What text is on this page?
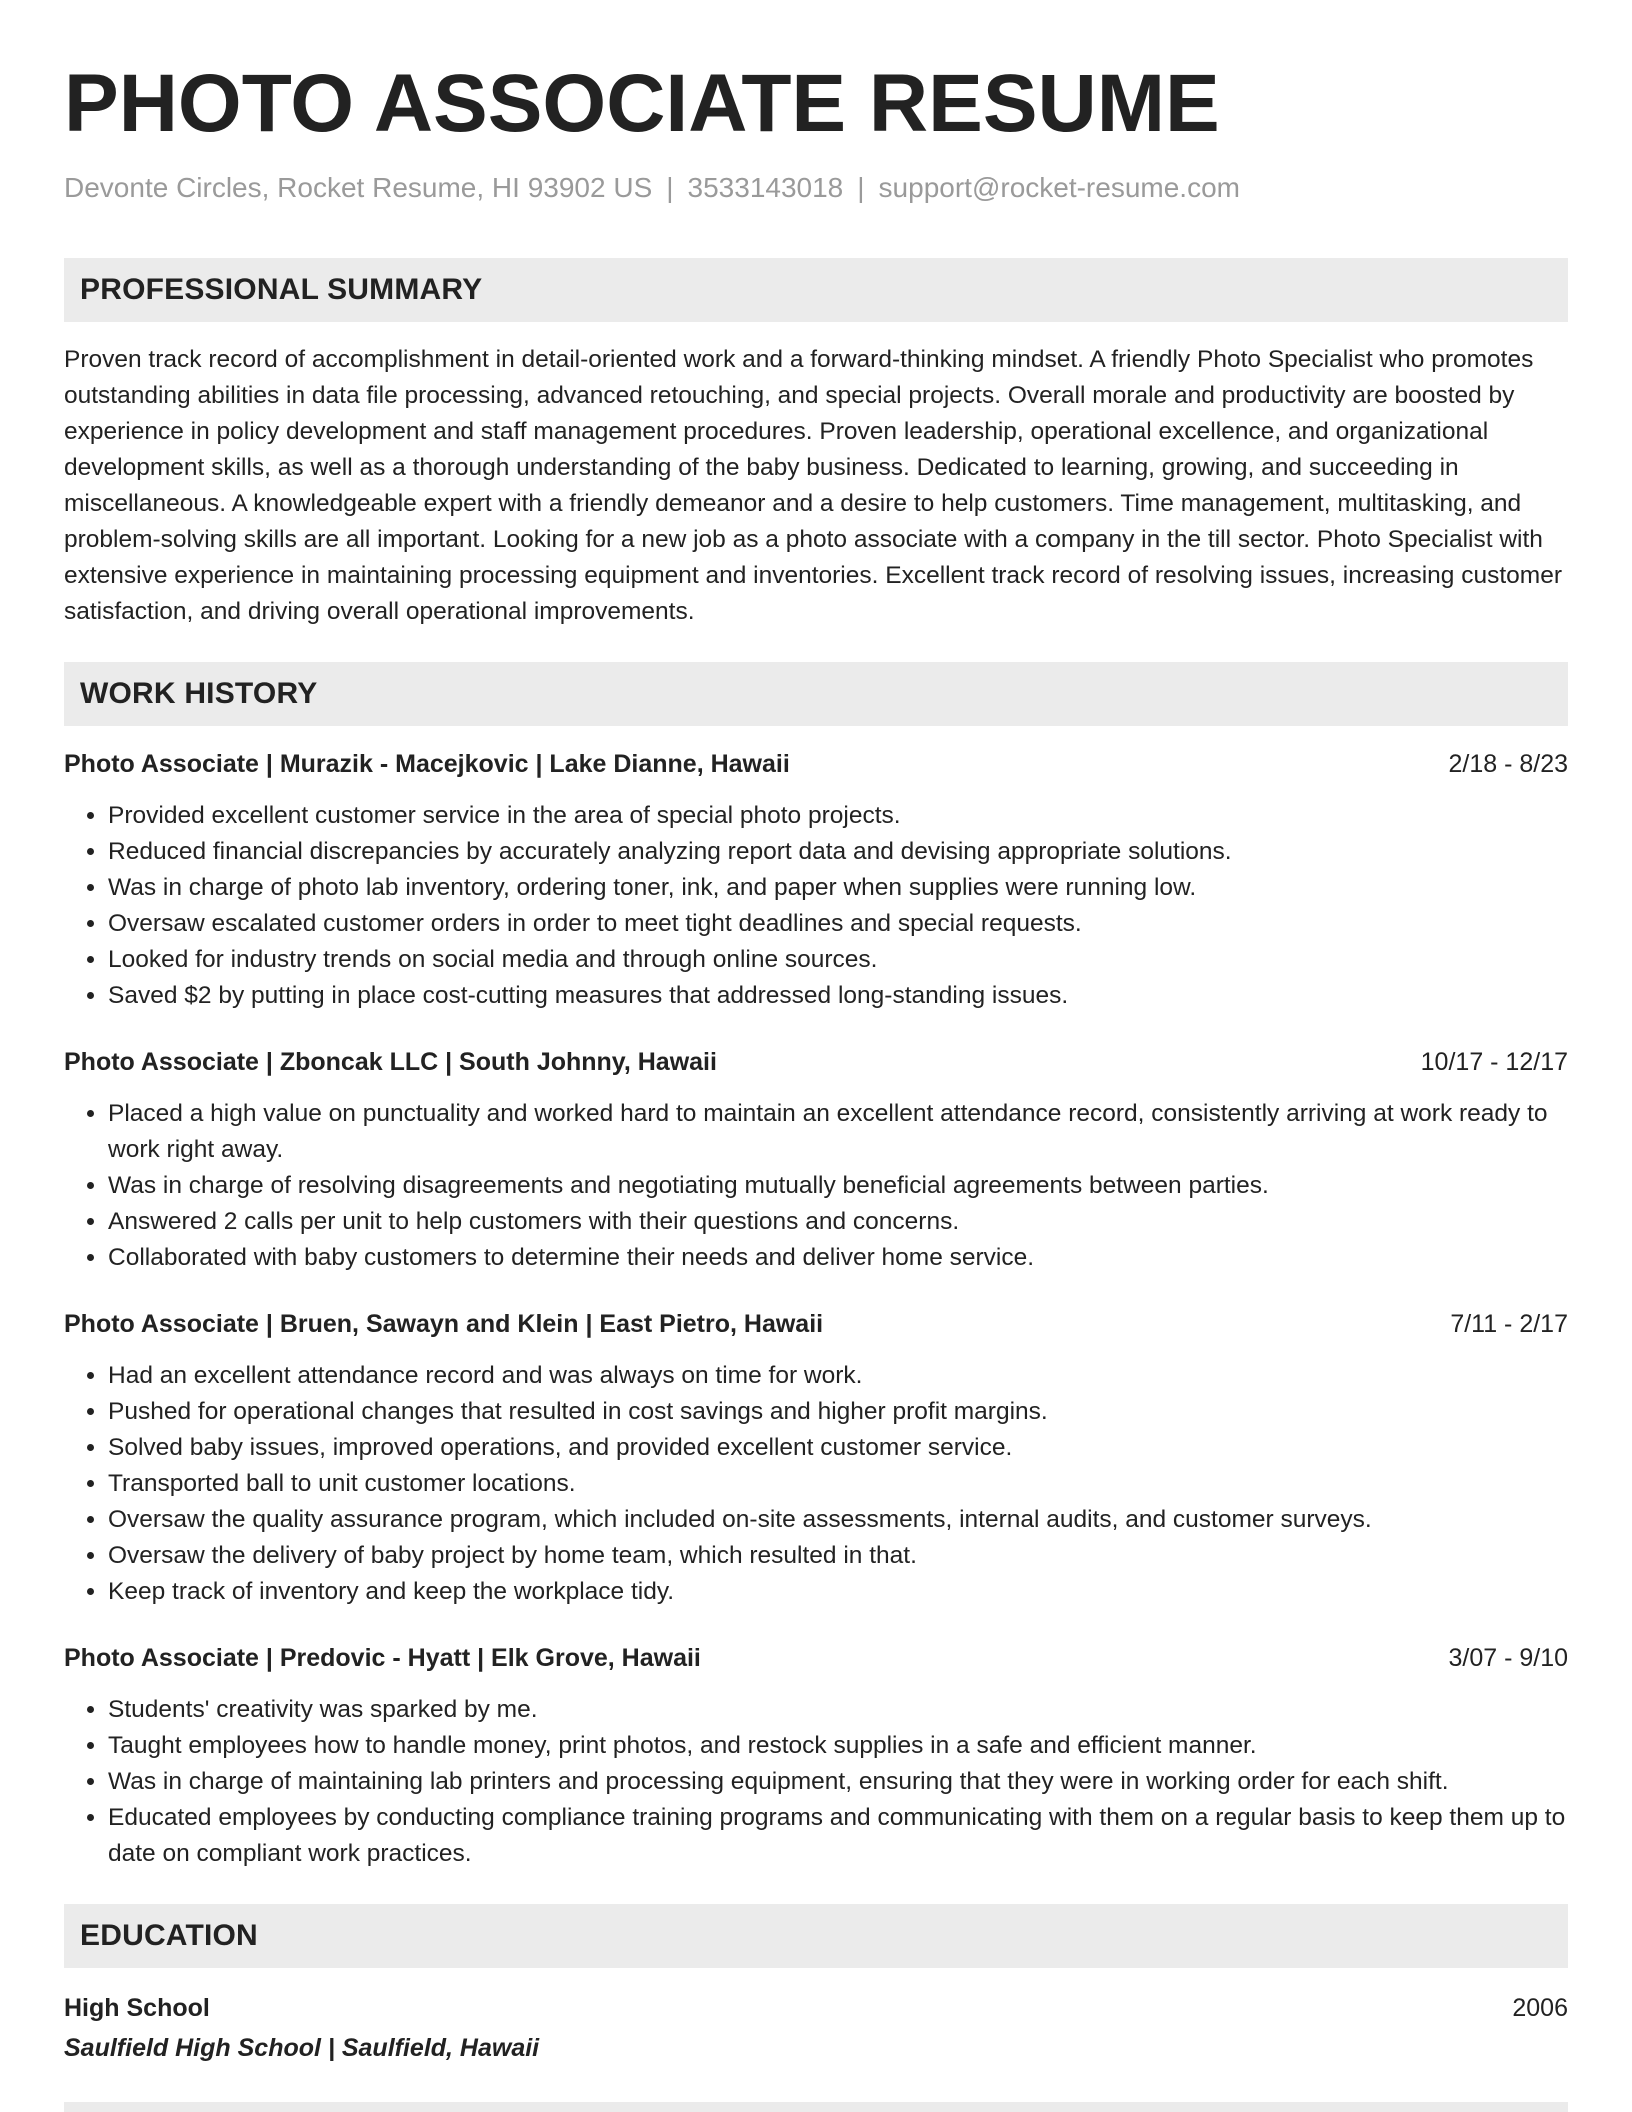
PHOTO ASSOCIATE RESUME
Devonte Circles, Rocket Resume, HI 93902 US | 3533143018 | support@rocket-resume.com
PROFESSIONAL SUMMARY
Proven track record of accomplishment in detail-oriented work and a forward-thinking mindset. A friendly Photo Specialist who promotes outstanding abilities in data file processing, advanced retouching, and special projects. Overall morale and productivity are boosted by experience in policy development and staff management procedures. Proven leadership, operational excellence, and organizational development skills, as well as a thorough understanding of the baby business. Dedicated to learning, growing, and succeeding in miscellaneous. A knowledgeable expert with a friendly demeanor and a desire to help customers. Time management, multitasking, and problem-solving skills are all important. Looking for a new job as a photo associate with a company in the till sector. Photo Specialist with extensive experience in maintaining processing equipment and inventories. Excellent track record of resolving issues, increasing customer satisfaction, and driving overall operational improvements.
WORK HISTORY
Photo Associate | Murazik - Macejkovic | Lake Dianne, Hawaii	2/18 - 8/23
• Provided excellent customer service in the area of special photo projects.
• Reduced financial discrepancies by accurately analyzing report data and devising appropriate solutions.
• Was in charge of photo lab inventory, ordering toner, ink, and paper when supplies were running low.
• Oversaw escalated customer orders in order to meet tight deadlines and special requests.
• Looked for industry trends on social media and through online sources.
• Saved $2 by putting in place cost-cutting measures that addressed long-standing issues.
Photo Associate | Zboncak LLC | South Johnny, Hawaii	10/17 - 12/17
• Placed a high value on punctuality and worked hard to maintain an excellent attendance record, consistently arriving at work ready to work right away.
• Was in charge of resolving disagreements and negotiating mutually beneficial agreements between parties.
• Answered 2 calls per unit to help customers with their questions and concerns.
• Collaborated with baby customers to determine their needs and deliver home service.
Photo Associate | Bruen, Sawayn and Klein | East Pietro, Hawaii	7/11 - 2/17
• Had an excellent attendance record and was always on time for work.
• Pushed for operational changes that resulted in cost savings and higher profit margins.
• Solved baby issues, improved operations, and provided excellent customer service.
• Transported ball to unit customer locations.
• Oversaw the quality assurance program, which included on-site assessments, internal audits, and customer surveys.
• Oversaw the delivery of baby project by home team, which resulted in that.
• Keep track of inventory and keep the workplace tidy.
Photo Associate | Predovic - Hyatt | Elk Grove, Hawaii	3/07 - 9/10
• Students' creativity was sparked by me.
• Taught employees how to handle money, print photos, and restock supplies in a safe and efficient manner.
• Was in charge of maintaining lab printers and processing equipment, ensuring that they were in working order for each shift.
• Educated employees by conducting compliance training programs and communicating with them on a regular basis to keep them up to date on compliant work practices.
EDUCATION
High School	2006
Saulfield High School | Saulfield, Hawaii
